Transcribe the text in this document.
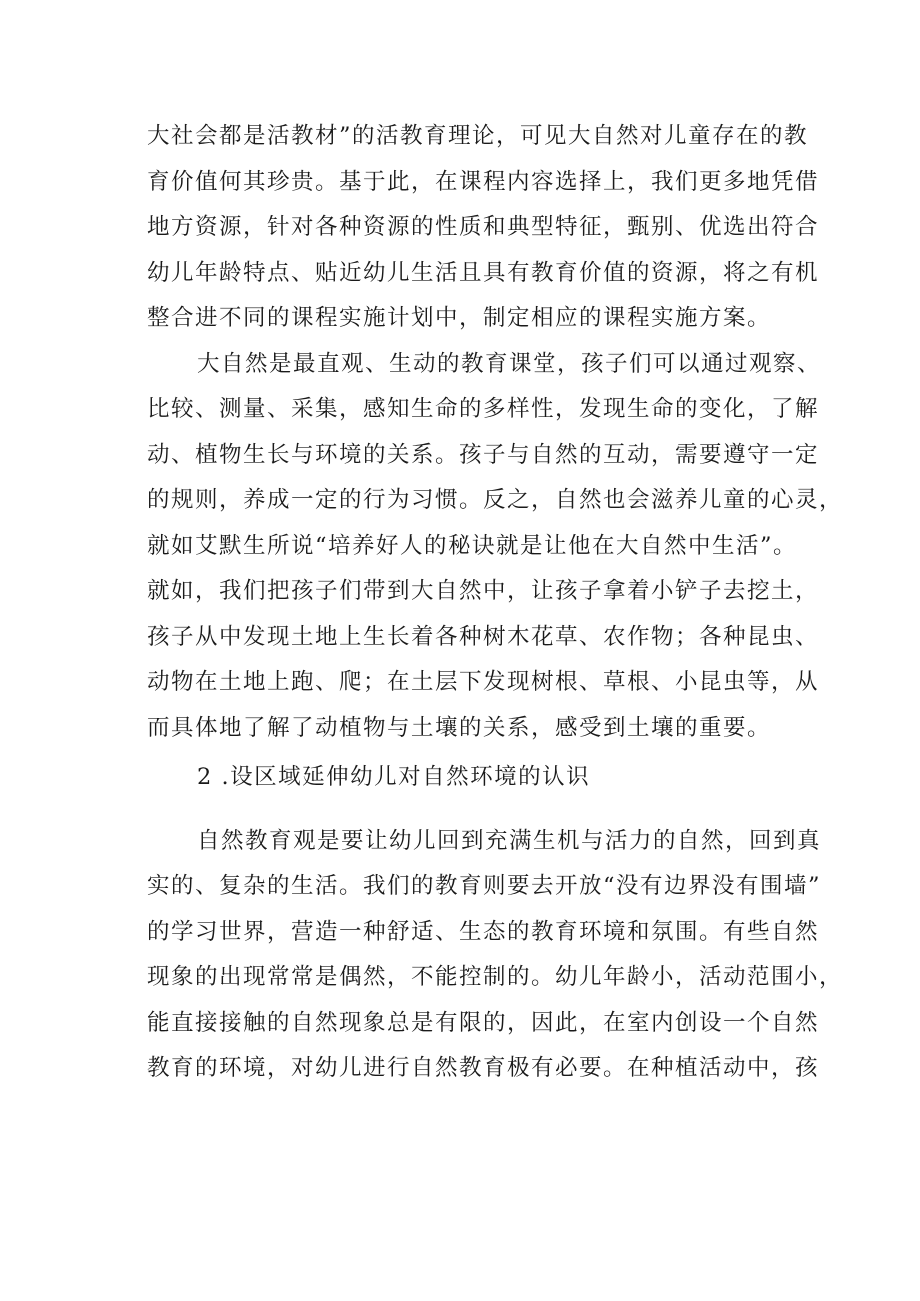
大社会都是活教材”的活教育理论，可见大自然对儿童存在的教
育价值何其珍贵。基于此，在课程内容选择上，我们更多地凭借
地方资源，针对各种资源的性质和典型特征，甄别、优选出符合
幼儿年龄特点、贴近幼儿生活且具有教育价值的资源，将之有机
整合进不同的课程实施计划中，制定相应的课程实施方案。
大自然是最直观、生动的教育课堂，孩子们可以通过观察、
比较、测量、采集，感知生命的多样性，发现生命的变化，了解
动、植物生长与环境的关系。孩子与自然的互动，需要遵守一定
的规则，养成一定的行为习惯。反之，自然也会滋养儿童的心灵，
就如艾默生所说“培养好人的秘诀就是让他在大自然中生活”。
就如，我们把孩子们带到大自然中，让孩子拿着小铲子去挖土，
孩子从中发现土地上生长着各种树木花草、农作物；各种昆虫、
动物在土地上跑、爬；在土层下发现树根、草根、小昆虫等，从
而具体地了解了动植物与土壤的关系，感受到土壤的重要。
2 .设区域延伸幼儿对自然环境的认识
自然教育观是要让幼儿回到充满生机与活力的自然，回到真
实的、复杂的生活。我们的教育则要去开放“没有边界没有围墙”
的学习世界，营造一种舒适、生态的教育环境和氛围。有些自然
现象的出现常常是偶然，不能控制的。幼儿年龄小，活动范围小，
能直接接触的自然现象总是有限的，因此，在室内创设一个自然
教育的环境，对幼儿进行自然教育极有必要。在种植活动中，孩
